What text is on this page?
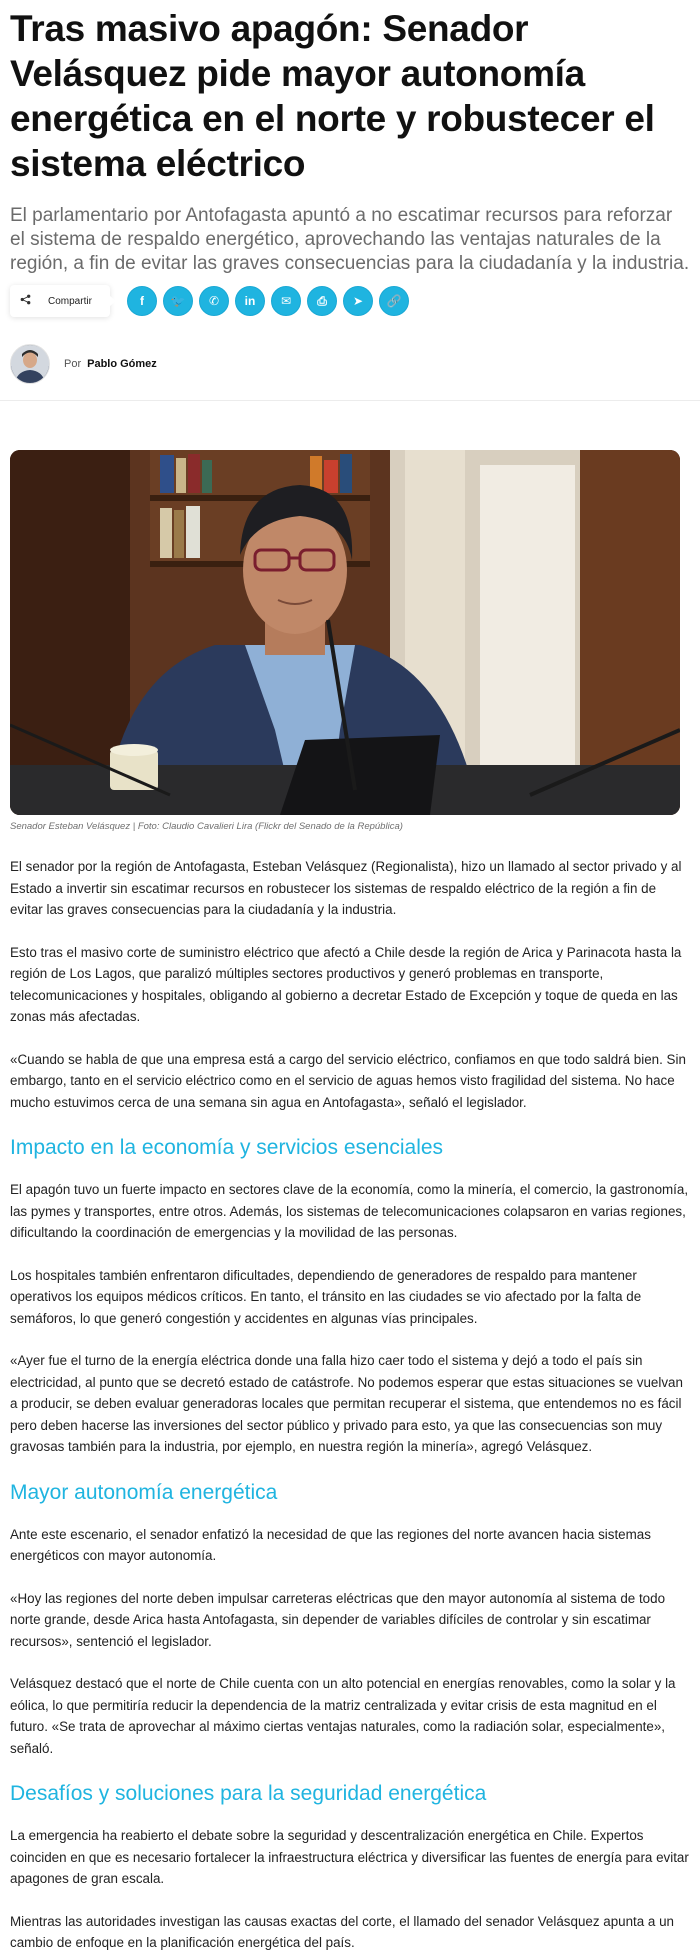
Tras masivo apagón: Senador Velásquez pide mayor autonomía energética en el norte y robustecer el sistema eléctrico

El parlamentario por Antofagasta apuntó a no escatimar recursos para reforzar el sistema de respaldo energético, aprovechando las ventajas naturales de la región, a fin de evitar las graves consecuencias para la ciudadanía y la industria.

Compartir	f 🐦 ✆ in ✉ ⎙ ➤ 🔗
Por Pablo Gómez
Senador Esteban Velásquez | Foto: Claudio Cavalieri Lira (Flickr del Senado de la República)

El senador por la región de Antofagasta, Esteban Velásquez (Regionalista), hizo un llamado al sector privado y al Estado a invertir sin escatimar recursos en robustecer los sistemas de respaldo eléctrico de la región a fin de evitar las graves consecuencias para la ciudadanía y la industria.

Esto tras el masivo corte de suministro eléctrico que afectó a Chile desde la región de Arica y Parinacota hasta la región de Los Lagos, que paralizó múltiples sectores productivos y generó problemas en transporte, telecomunicaciones y hospitales, obligando al gobierno a decretar Estado de Excepción y toque de queda en las zonas más afectadas.

«Cuando se habla de que una empresa está a cargo del servicio eléctrico, confiamos en que todo saldrá bien. Sin embargo, tanto en el servicio eléctrico como en el servicio de aguas hemos visto fragilidad del sistema. No hace mucho estuvimos cerca de una semana sin agua en Antofagasta», señaló el legislador.

Impacto en la economía y servicios esenciales

El apagón tuvo un fuerte impacto en sectores clave de la economía, como la minería, el comercio, la gastronomía, las pymes y transportes, entre otros. Además, los sistemas de telecomunicaciones colapsaron en varias regiones, dificultando la coordinación de emergencias y la movilidad de las personas.

Los hospitales también enfrentaron dificultades, dependiendo de generadores de respaldo para mantener operativos los equipos médicos críticos. En tanto, el tránsito en las ciudades se vio afectado por la falta de semáforos, lo que generó congestión y accidentes en algunas vías principales.

«Ayer fue el turno de la energía eléctrica donde una falla hizo caer todo el sistema y dejó a todo el país sin electricidad, al punto que se decretó estado de catástrofe. No podemos esperar que estas situaciones se vuelvan a producir, se deben evaluar generadoras locales que permitan recuperar el sistema, que entendemos no es fácil pero deben hacerse las inversiones del sector público y privado para esto, ya que las consecuencias son muy gravosas también para la industria, por ejemplo, en nuestra región la minería», agregó Velásquez.

Mayor autonomía energética

Ante este escenario, el senador enfatizó la necesidad de que las regiones del norte avancen hacia sistemas energéticos con mayor autonomía.

«Hoy las regiones del norte deben impulsar carreteras eléctricas que den mayor autonomía al sistema de todo norte grande, desde Arica hasta Antofagasta, sin depender de variables difíciles de controlar y sin escatimar recursos», sentenció el legislador.

Velásquez destacó que el norte de Chile cuenta con un alto potencial en energías renovables, como la solar y la eólica, lo que permitiría reducir la dependencia de la matriz centralizada y evitar crisis de esta magnitud en el futuro. «Se trata de aprovechar al máximo ciertas ventajas naturales, como la radiación solar, especialmente», señaló.

Desafíos y soluciones para la seguridad energética

La emergencia ha reabierto el debate sobre la seguridad y descentralización energética en Chile. Expertos coinciden en que es necesario fortalecer la infraestructura eléctrica y diversificar las fuentes de energía para evitar apagones de gran escala.

Mientras las autoridades investigan las causas exactas del corte, el llamado del senador Velásquez apunta a un cambio de enfoque en la planificación energética del país.
